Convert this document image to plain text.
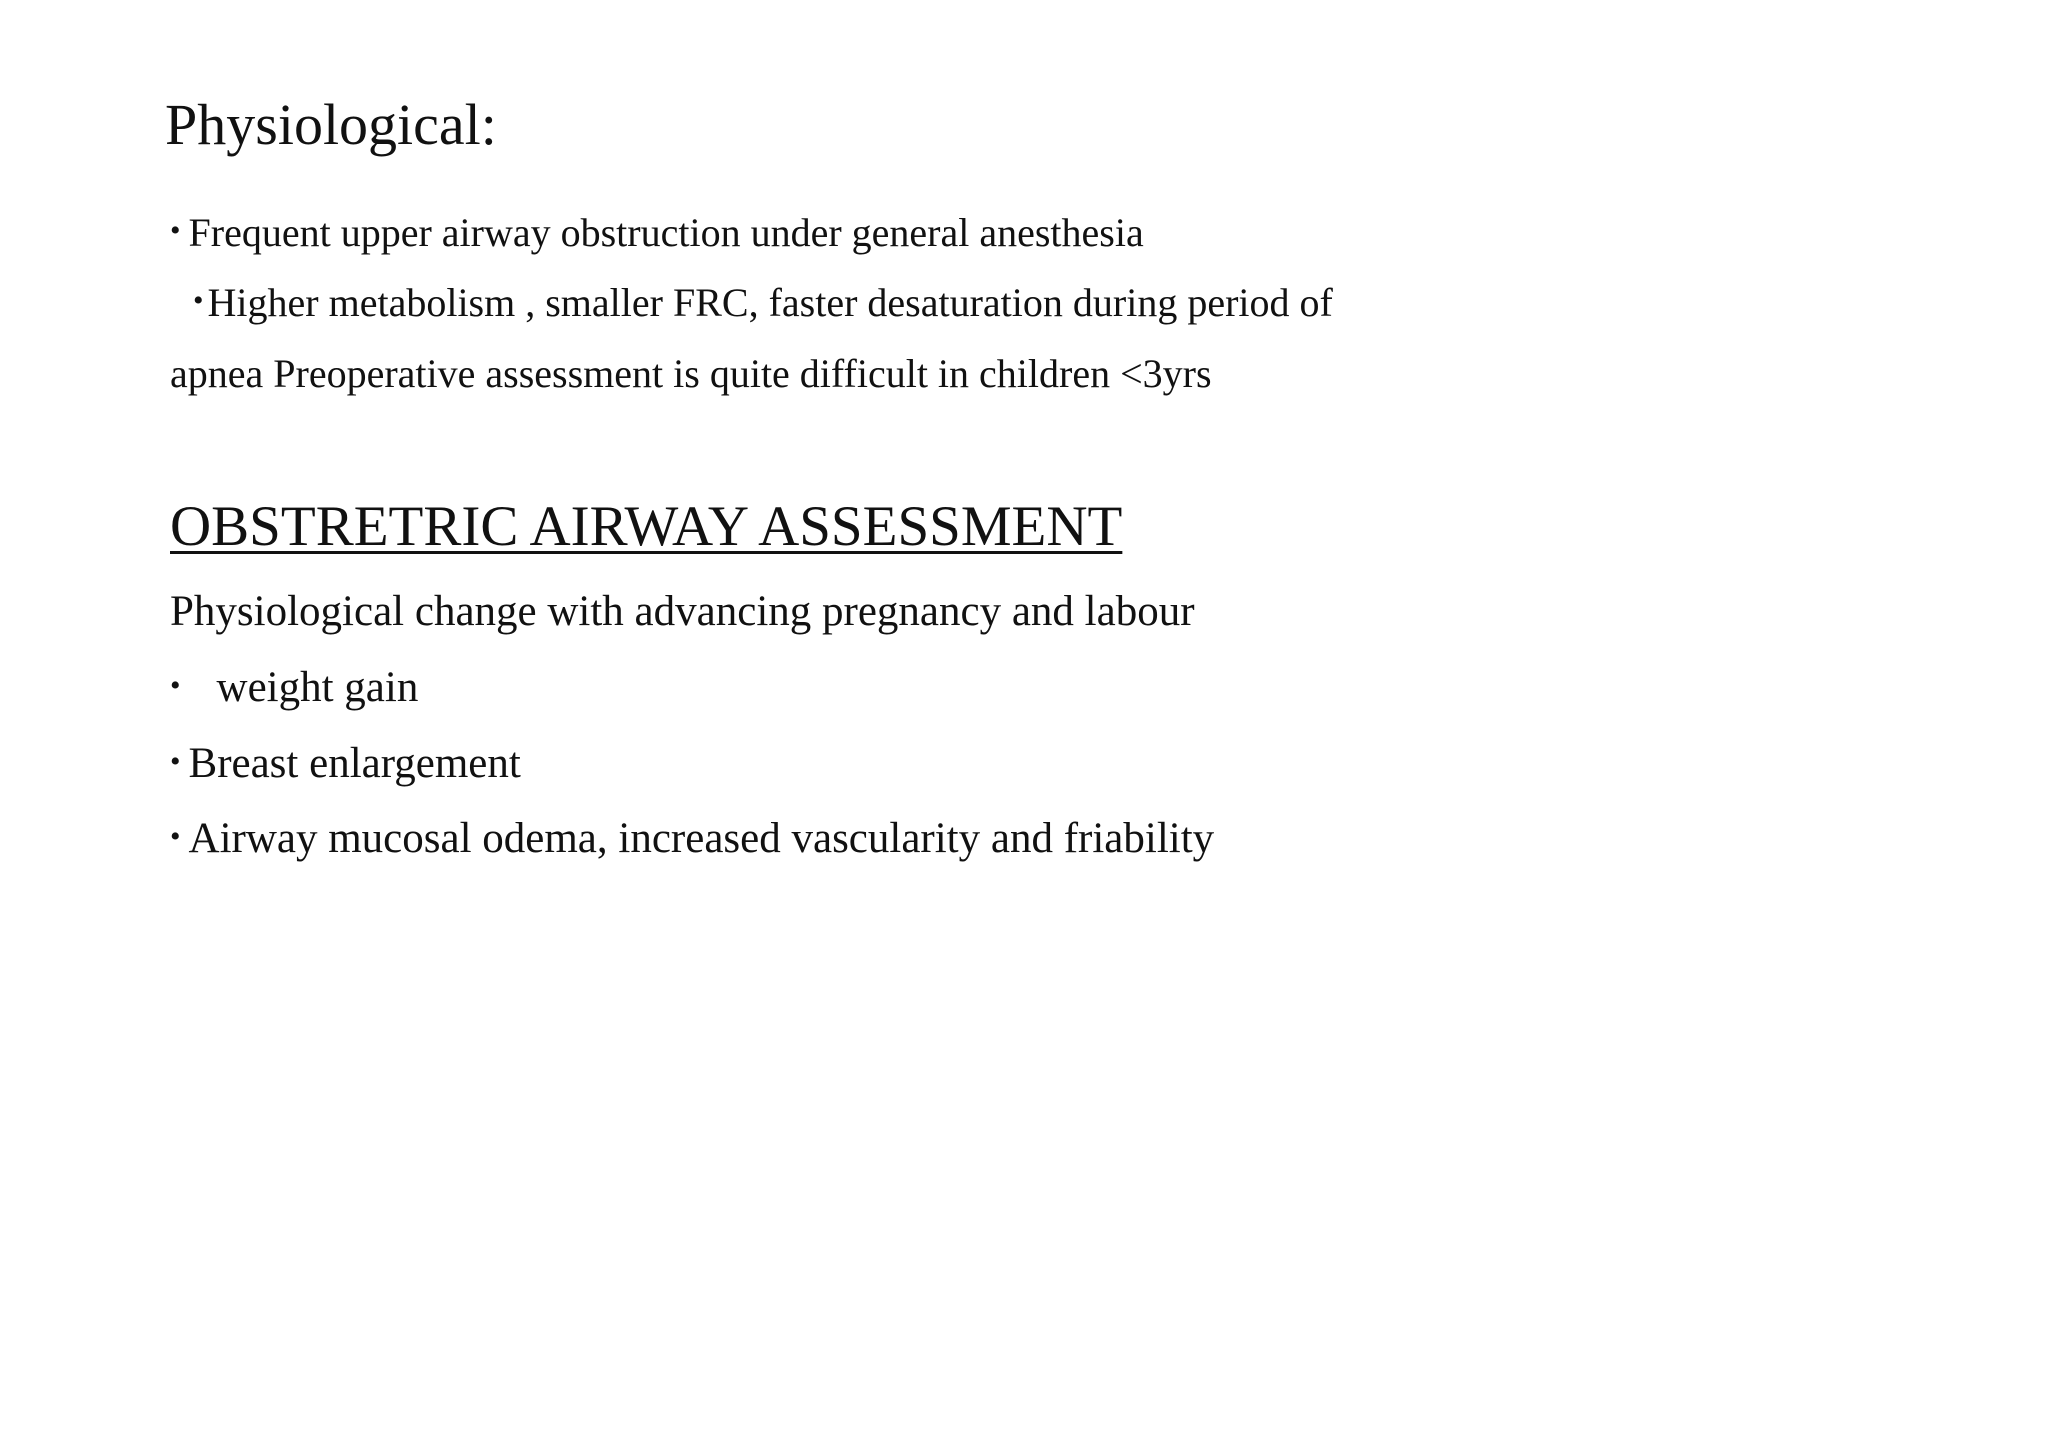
Physiological:
• Frequent upper airway obstruction under general anesthesia
• Higher metabolism , smaller FRC, faster desaturation during period of
apnea Preoperative assessment is quite difficult in children <3yrs
OBSTRETRIC AIRWAY ASSESSMENT
Physiological change with advancing pregnancy and labour
• weight gain
• Breast enlargement
• Airway mucosal odema, increased vascularity and friability
